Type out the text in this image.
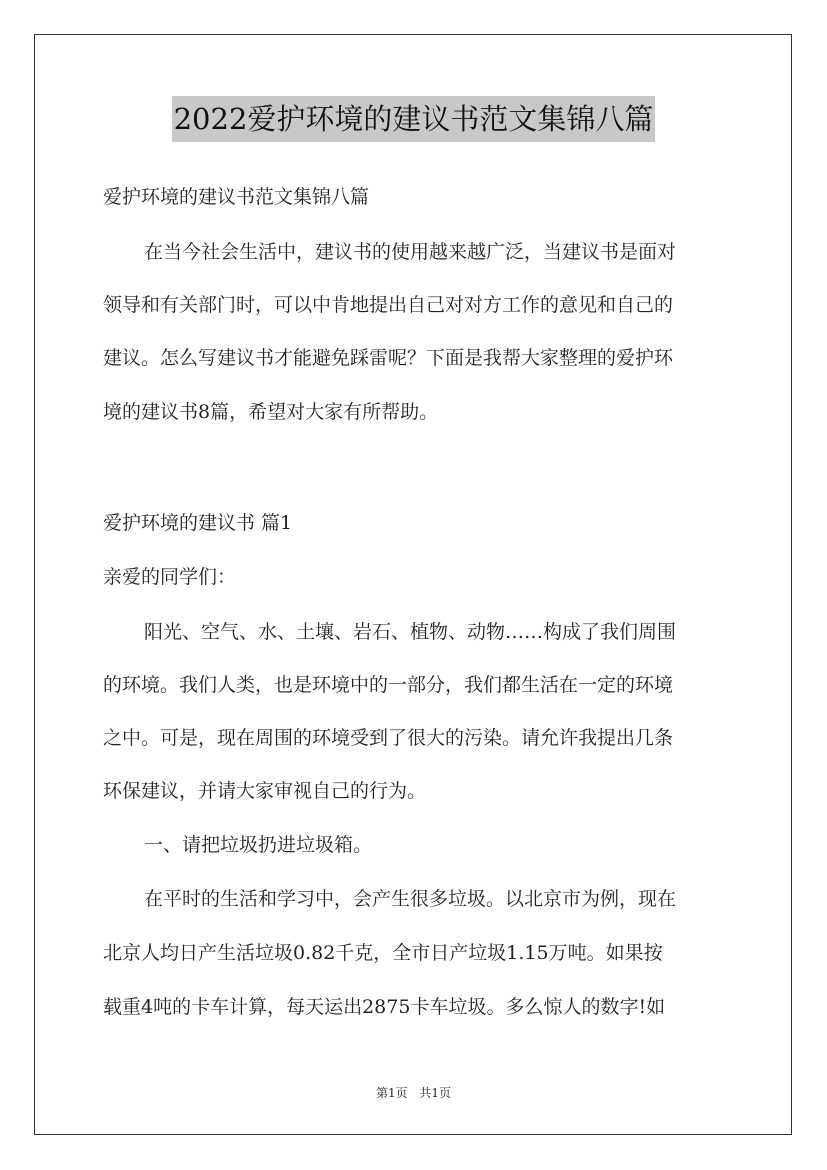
2022爱护环境的建议书范文集锦八篇
爱护环境的建议书范文集锦八篇
在当今社会生活中，建议书的使用越来越广泛，当建议书是面对
领导和有关部门时，可以中肯地提出自己对对方工作的意见和自己的
建议。怎么写建议书才能避免踩雷呢？下面是我帮大家整理的爱护环
境的建议书8篇，希望对大家有所帮助。
爱护环境的建议书 篇1
亲爱的同学们：
阳光、空气、水、土壤、岩石、植物、动物……构成了我们周围
的环境。我们人类，也是环境中的一部分，我们都生活在一定的环境
之中。可是，现在周围的环境受到了很大的污染。请允许我提出几条
环保建议，并请大家审视自己的行为。
一、请把垃圾扔进垃圾箱。
在平时的生活和学习中，会产生很多垃圾。以北京市为例，现在
北京人均日产生活垃圾0.82千克，全市日产垃圾1.15万吨。如果按
载重4吨的卡车计算，每天运出2875卡车垃圾。多么惊人的数字!如
第1页 共1页
